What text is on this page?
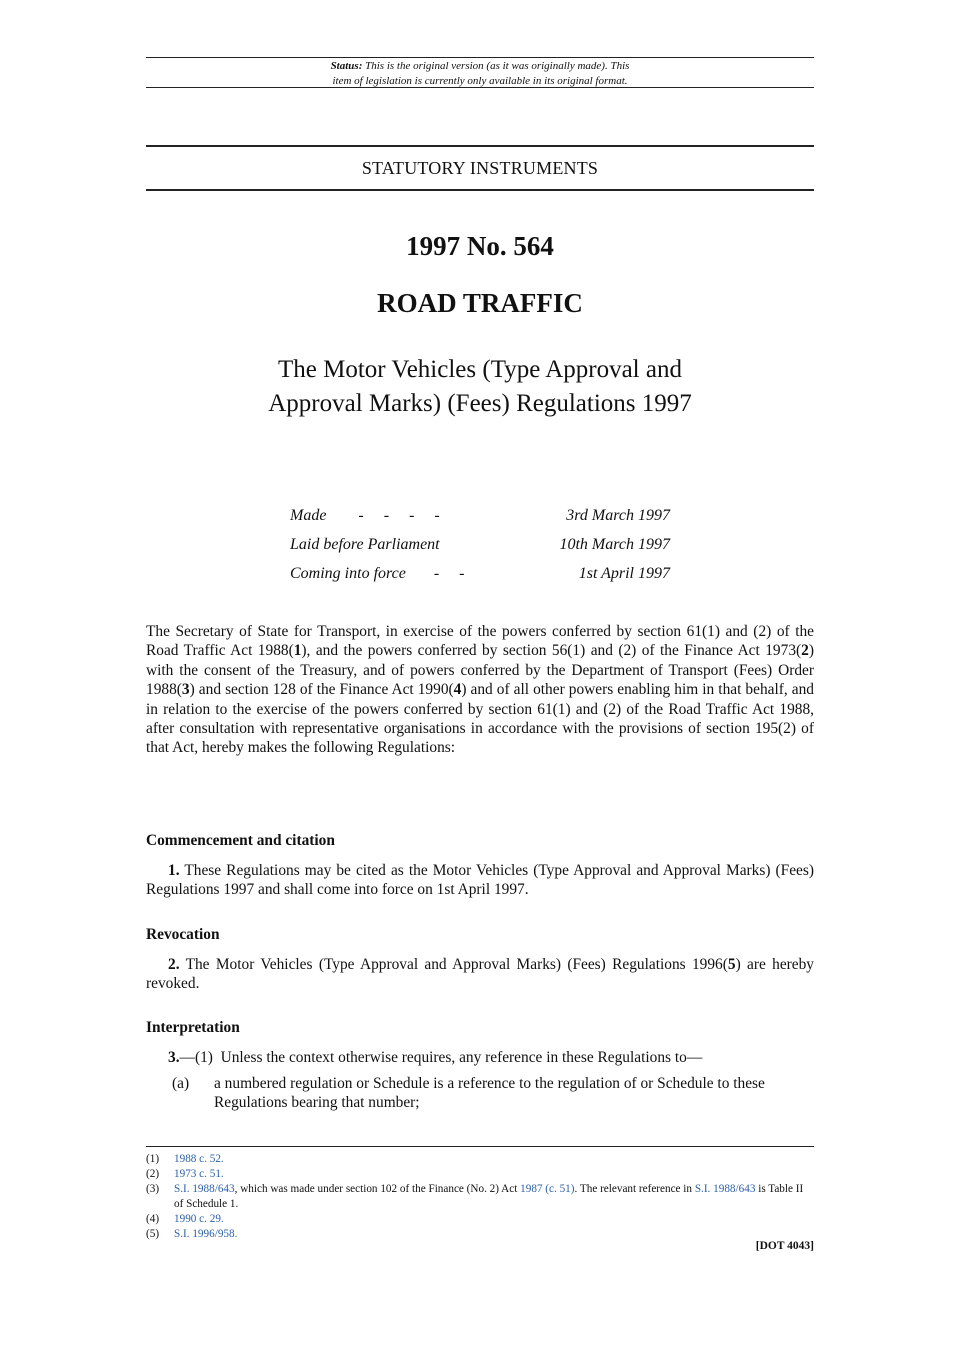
Status: This is the original version (as it was originally made). This
item of legislation is currently only available in its original format.
STATUTORY INSTRUMENTS
1997 No. 564
ROAD TRAFFIC
The Motor Vehicles (Type Approval and
Approval Marks) (Fees) Regulations 1997
Made        -     -     -     -	3rd March 1997
Laid before Parliament	10th March 1997
Coming into force       -     -	1st April 1997
The Secretary of State for Transport, in exercise of the powers conferred by section 61(1) and (2) of the Road Traffic Act 1988(1), and the powers conferred by section 56(1) and (2) of the Finance Act 1973(2) with the consent of the Treasury, and of powers conferred by the Department of Transport (Fees) Order 1988(3) and section 128 of the Finance Act 1990(4) and of all other powers enabling him in that behalf, and in relation to the exercise of the powers conferred by section 61(1) and (2) of the Road Traffic Act 1988, after consultation with representative organisations in accordance with the provisions of section 195(2) of that Act, hereby makes the following Regulations:
Commencement and citation
1. These Regulations may be cited as the Motor Vehicles (Type Approval and Approval Marks) (Fees) Regulations 1997 and shall come into force on 1st April 1997.
Revocation
2. The Motor Vehicles (Type Approval and Approval Marks) (Fees) Regulations 1996(5) are hereby revoked.
Interpretation
3.—(1)  Unless the context otherwise requires, any reference in these Regulations to—
(a) a numbered regulation or Schedule is a reference to the regulation of or Schedule to these Regulations bearing that number;
(1) 1988 c. 52.
(2) 1973 c. 51.
(3) S.I. 1988/643, which was made under section 102 of the Finance (No. 2) Act 1987 (c. 51). The relevant reference in S.I. 1988/643 is Table II of Schedule 1.
(4) 1990 c. 29.
(5) S.I. 1996/958.
[DOT 4043]
